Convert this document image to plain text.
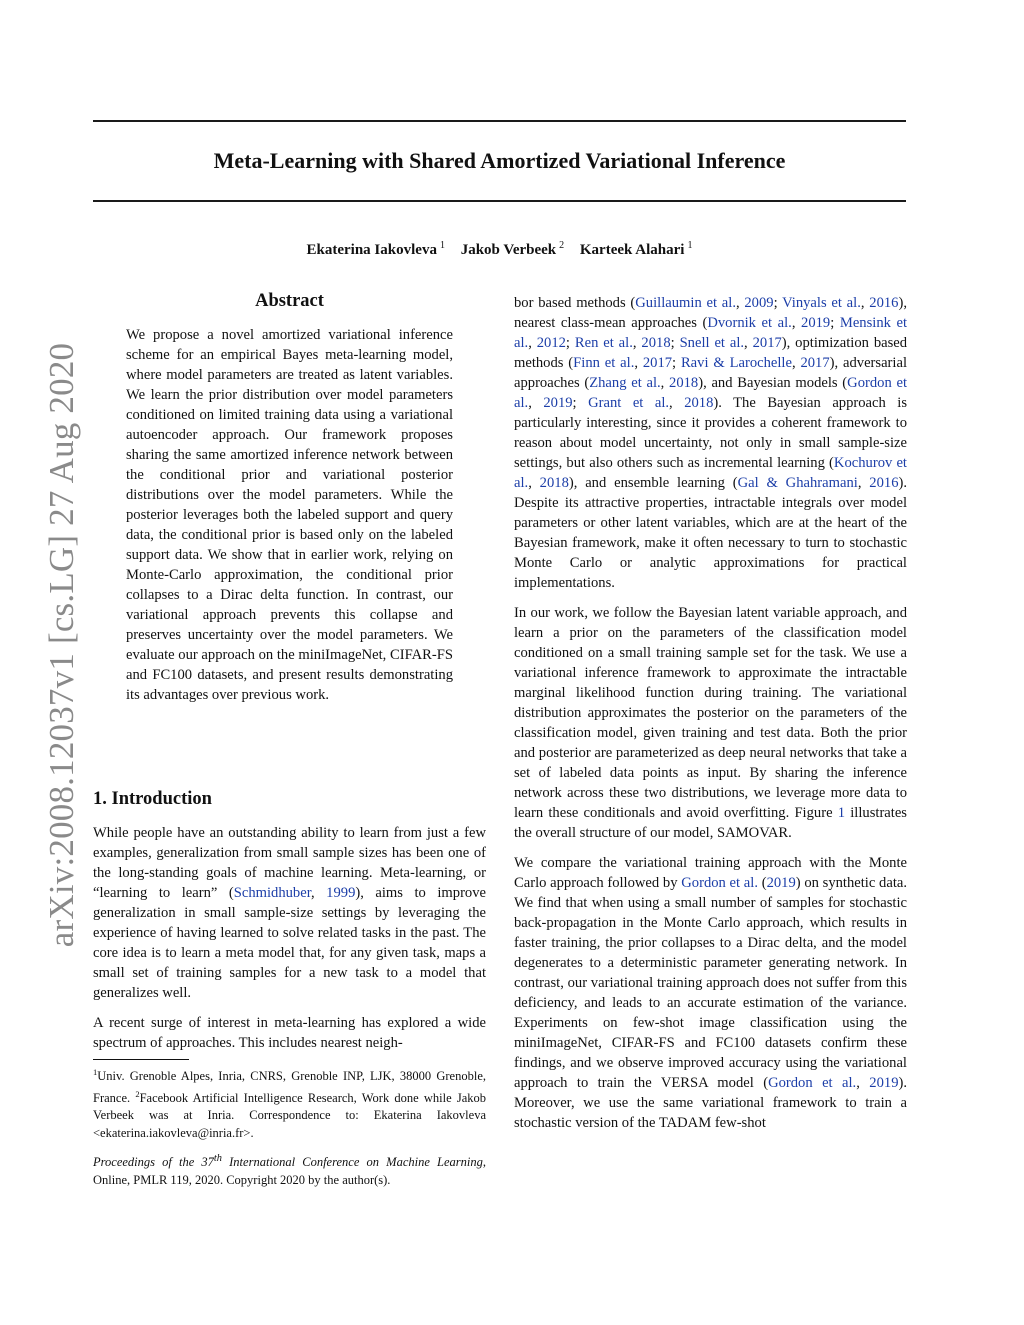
Meta-Learning with Shared Amortized Variational Inference
Ekaterina Iakovleva $^1$ Jakob Verbeek $^2$ Karteek Alahari $^1$
arXiv:2008.12037v1 [cs.LG] 27 Aug 2020
Abstract

We propose a novel amortized variational inference scheme for an empirical Bayes meta-learning model, where model parameters are treated as latent variables. We learn the prior distribution over model parameters conditioned on limited training data using a variational autoencoder approach. Our framework proposes sharing the same amortized inference network between the conditional prior and variational posterior distributions over the model parameters. While the posterior leverages both the labeled support and query data, the conditional prior is based only on the labeled support data. We show that in earlier work, relying on Monte-Carlo approximation, the conditional prior collapses to a Dirac delta function. In contrast, our variational approach prevents this collapse and preserves uncertainty over the model parameters. We evaluate our approach on the miniImageNet, CIFAR-FS and FC100 datasets, and present results demonstrating its advantages over previous work.

1. Introduction

While people have an outstanding ability to learn from just a few examples, generalization from small sample sizes has been one of the long-standing goals of machine learning. Meta-learning, or “learning to learn” (Schmidhuber, 1999), aims to improve generalization in small sample-size settings by leveraging the experience of having learned to solve related tasks in the past. The core idea is to learn a meta model that, for any given task, maps a small set of training samples for a new task to a model that generalizes well.

A recent surge of interest in meta-learning has explored a wide spectrum of approaches. This includes nearest neigh-

$^1$Univ. Grenoble Alpes, Inria, CNRS, Grenoble INP, LJK, 38000 Grenoble, France. $^2$Facebook Artificial Intelligence Research, Work done while Jakob Verbeek was at Inria. Correspondence to: Ekaterina Iakovleva <ekaterina.iakovleva@inria.fr>.

Proceedings of the 37th International Conference on Machine Learning, Online, PMLR 119, 2020. Copyright 2020 by the author(s).

bor based methods (Guillaumin et al., 2009; Vinyals et al., 2016), nearest class-mean approaches (Dvornik et al., 2019; Mensink et al., 2012; Ren et al., 2018; Snell et al., 2017), optimization based methods (Finn et al., 2017; Ravi & Larochelle, 2017), adversarial approaches (Zhang et al., 2018), and Bayesian models (Gordon et al., 2019; Grant et al., 2018). The Bayesian approach is particularly interesting, since it provides a coherent framework to reason about model uncertainty, not only in small sample-size settings, but also others such as incremental learning (Kochurov et al., 2018), and ensemble learning (Gal & Ghahramani, 2016). Despite its attractive properties, intractable integrals over model parameters or other latent variables, which are at the heart of the Bayesian framework, make it often necessary to turn to stochastic Monte Carlo or analytic approximations for practical implementations.

In our work, we follow the Bayesian latent variable approach, and learn a prior on the parameters of the classification model conditioned on a small training sample set for the task. We use a variational inference framework to approximate the intractable marginal likelihood function during training. The variational distribution approximates the posterior on the parameters of the classification model, given training and test data. Both the prior and posterior are parameterized as deep neural networks that take a set of labeled data points as input. By sharing the inference network across these two distributions, we leverage more data to learn these conditionals and avoid overfitting. Figure 1 illustrates the overall structure of our model, SAMOVAR.

We compare the variational training approach with the Monte Carlo approach followed by Gordon et al. (2019) on synthetic data. We find that when using a small number of samples for stochastic back-propagation in the Monte Carlo approach, which results in faster training, the prior collapses to a Dirac delta, and the model degenerates to a deterministic parameter generating network. In contrast, our variational training approach does not suffer from this deficiency, and leads to an accurate estimation of the variance. Experiments on few-shot image classification using the miniImageNet, CIFAR-FS and FC100 datasets confirm these findings, and we observe improved accuracy using the variational approach to train the VERSA model (Gordon et al., 2019). Moreover, we use the same variational framework to train a stochastic version of the TADAM few-shot
